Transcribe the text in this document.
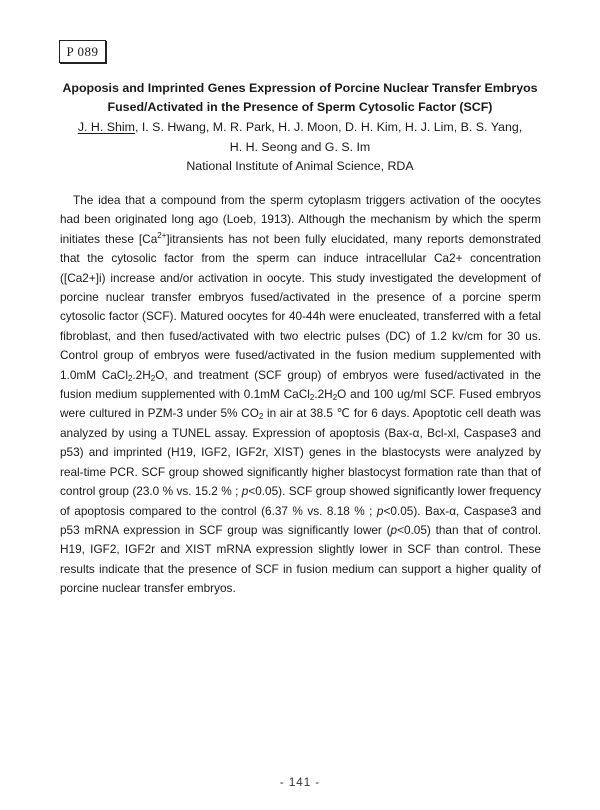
P 089
Apoposis and Imprinted Genes Expression of Porcine Nuclear Transfer Embryos
Fused/Activated in the Presence of Sperm Cytosolic Factor (SCF)
J. H. Shim, I. S. Hwang, M. R. Park, H. J. Moon, D. H. Kim, H. J. Lim, B. S. Yang,
H. H. Seong and G. S. Im
National Institute of Animal Science, RDA

The idea that a compound from the sperm cytoplasm triggers activation of the oocytes had been originated long ago (Loeb, 1913). Although the mechanism by which the sperm initiates these $[Ca^{2+}]itransients$ has not been fully elucidated, many reports demonstrated that the cytosolic factor from the sperm can induce intracellular Ca2+ concentration ([Ca2+]i) increase and/or activation in oocyte. This study investigated the development of porcine nuclear transfer embryos fused/activated in the presence of a porcine sperm cytosolic factor (SCF). Matured oocytes for 40-44h were enucleated, transferred with a fetal fibroblast, and then fused/activated with two electric pulses (DC) of 1.2 kv/cm for 30 us. Control group of embryos were fused/activated in the fusion medium supplemented with 1.0mM $CaCl_2.2H_2O$, and treatment (SCF group) of embryos were fused/activated in the fusion medium supplemented with 0.1mM $CaCl_2.2H_2O$ and 100 ug/ml SCF. Fused embryos were cultured in PZM-3 under 5% $CO_2$ in air at 38.5 ℃ for 6 days. Apoptotic cell death was analyzed by using a TUNEL assay. Expression of apoptosis (Bax-α, Bcl-xl, Caspase3 and p53) and imprinted (H19, IGF2, IGF2r, XIST) genes in the blastocysts were analyzed by real-time PCR. SCF group showed significantly higher blastocyst formation rate than that of control group (23.0 % vs. 15.2 % ; p<0.05). SCF group showed significantly lower frequency of apoptosis compared to the control (6.37 % vs. 8.18 % ; p<0.05). Bax-α, Caspase3 and p53 mRNA expression in SCF group was significantly lower (p<0.05) than that of control. H19, IGF2, IGF2r and XIST mRNA expression slightly lower in SCF than control. These results indicate that the presence of SCF in fusion medium can support a higher quality of porcine nuclear transfer embryos.

- 141 -
